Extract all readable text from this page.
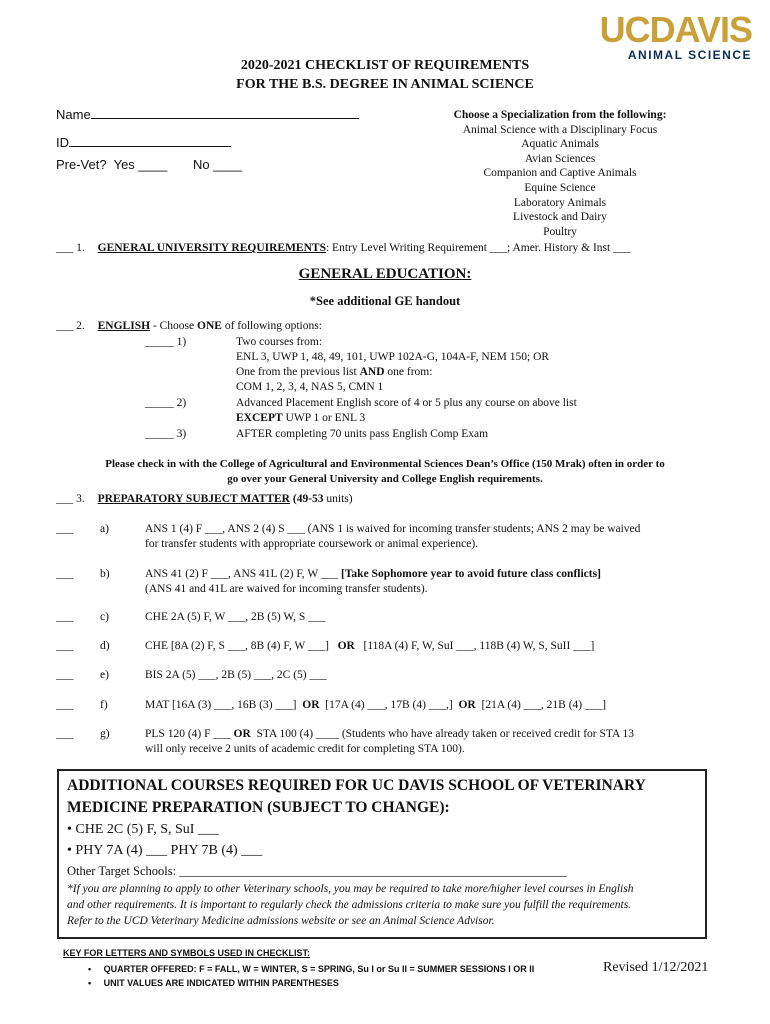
UCDAVIS
ANIMAL SCIENCE
2020-2021 CHECKLIST OF REQUIREMENTS
FOR THE B.S. DEGREE IN ANIMAL SCIENCE
Name
ID
Pre-Vet? Yes ____ No ____
Choose a Specialization from the following:
Animal Science with a Disciplinary Focus
Aquatic Animals
Avian Sciences
Companion and Captive Animals
Equine Science
Laboratory Animals
Livestock and Dairy
Poultry
___ 1. GENERAL UNIVERSITY REQUIREMENTS: Entry Level Writing Requirement ___; Amer. History & Inst ___
GENERAL EDUCATION:
*See additional GE handout
___ 2. ENGLISH - Choose ONE of following options:
_____ 1)	Two courses from:
ENL 3, UWP 1, 48, 49, 101, UWP 102A-G, 104A-F, NEM 150; OR
One from the previous list AND one from:
COM 1, 2, 3, 4, NAS 5, CMN 1
_____ 2)	Advanced Placement English score of 4 or 5 plus any course on above list
EXCEPT UWP 1 or ENL 3
_____ 3)	AFTER completing 70 units pass English Comp Exam
Please check in with the College of Agricultural and Environmental Sciences Dean’s Office (150 Mrak) often in order to
go over your General University and College English requirements.
___ 3. PREPARATORY SUBJECT MATTER (49-53 units)
___ a)	ANS 1 (4) F ___, ANS 2 (4) S ___ (ANS 1 is waived for incoming transfer students; ANS 2 may be waived
for transfer students with appropriate coursework or animal experience).
___ b)	ANS 41 (2) F ___, ANS 41L (2) F, W ___ [Take Sophomore year to avoid future class conflicts]
(ANS 41 and 41L are waived for incoming transfer students).
___ c)	CHE 2A (5) F, W ___, 2B (5) W, S ___
___ d)	CHE [8A (2) F, S ___, 8B (4) F, W ___]   OR   [118A (4) F, W, SuI ___, 118B (4) W, S, SuII ___]
___ e)	BIS 2A (5) ___, 2B (5) ___, 2C (5) ___
___ f)	MAT [16A (3) ___, 16B (3) ___]  OR  [17A (4) ___, 17B (4) ___,]  OR  [21A (4) ___, 21B (4) ___]
___ g)	PLS 120 (4) F ___ OR  STA 100 (4) ____ (Students who have already taken or received credit for STA 13
will only receive 2 units of academic credit for completing STA 100).
ADDITIONAL COURSES REQUIRED FOR UC DAVIS SCHOOL OF VETERINARY
MEDICINE PREPARATION (SUBJECT TO CHANGE):
• CHE 2C (5) F, S, SuI ___
• PHY 7A (4) ___ PHY 7B (4) ___
Other Target Schools: ______________________________________________________________
*If you are planning to apply to other Veterinary schools, you may be required to take more/higher level courses in English
and other requirements. It is important to regularly check the admissions criteria to make sure you fulfill the requirements.
Refer to the UCD Veterinary Medicine admissions website or see an Animal Science Advisor.
KEY FOR LETTERS AND SYMBOLS USED IN CHECKLIST:
• QUARTER OFFERED: F = FALL, W = WINTER, S = SPRING, Su I or Su II = SUMMER SESSIONS I OR II
• UNIT VALUES ARE INDICATED WITHIN PARENTHESES
Revised 1/12/2021
